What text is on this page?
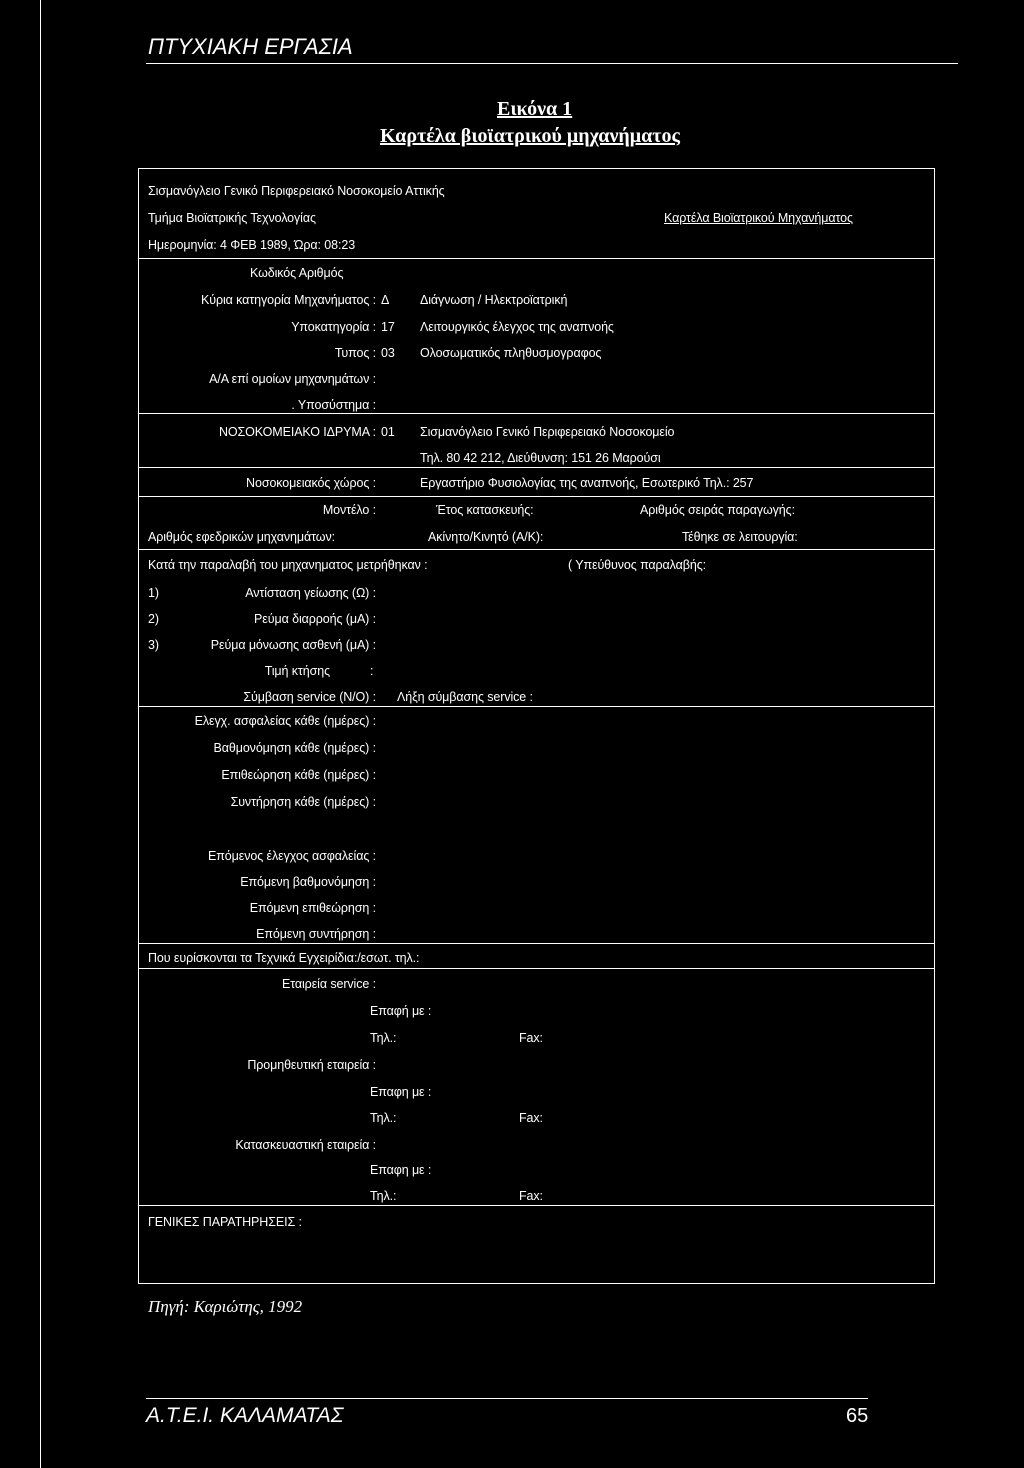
ΠΤΥΧΙΑΚΗ ΕΡΓΑΣΙΑ
Εικόνα 1
Καρτέλα βιοϊατρικού μηχανήματος
Σισμανόγλειο Γενικό Περιφερειακό Νοσοκομείο Αττικής
Τμήμα Βιοϊατρικής Τεχνολογίας
Ημερομηνία: 4 ΦΕΒ 1989, Ώρα: 08:23
Καρτέλα Βιοϊατρικού Μηχανήματος
Κωδικός Αριθμός
Κύρια κατηγορία Μηχανήματος : Δ Διάγνωση / Ηλεκτροϊατρική
Υποκατηγορία : 17 Λειτουργικός έλεγχος της αναπνοής
Τυπος : 03 Ολοσωματικός πληθυσμογραφος
Α/Α επί ομοίων μηχανημάτων :
. Υποσύστημα :
ΝΟΣΟΚΟΜΕΙΑΚΟ ΙΔΡΥΜΑ : 01 Σισμανόγλειο Γενικό Περιφερειακό Νοσοκομείο
Τηλ. 80 42 212, Διεύθυνση: 151 26 Μαρούσι
Νοσοκομειακός χώρος :	Εργαστήριο Φυσιολογίας της αναπνοής, Εσωτερικό Τηλ.: 257
Μοντέλο :	Έτος κατασκευής:	Αριθμός σειράς παραγωγής:
Αριθμός εφεδρικών μηχανημάτων:	Ακίνητο/Κινητό (Α/Κ):	Τέθηκε σε λειτουργία:
Κατά την παραλαβή του μηχανηματος μετρήθηκαν :	( Υπεύθυνος παραλαβής:
1)	Αντίσταση γείωσης (Ω) :
2)	Ρεύμα διαρροής (μΑ) :
3)	Ρεύμα μόνωσης ασθενή (μΑ) :
Τιμή κτήσης	:
Σύμβαση service (Ν/Ο) : Λήξη σύμβασης service :
Ελεγχ. ασφαλείας κάθε (ημέρες) :
Βαθμονόμηση κάθε (ημέρες) :
Επιθεώρηση κάθε (ημέρες) :
Συντήρηση κάθε (ημέρες) :
Επόμενος έλεγχος ασφαλείας :
Επόμενη βαθμονόμηση :
Επόμενη επιθεώρηση :
Επόμενη συντήρηση :
Που ευρίσκονται τα Τεχνικά Εγχειρίδια:/εσωτ. τηλ.:
Εταιρεία service :
Επαφή με :
Τηλ.:	Fax:
Προμηθευτική εταιρεία :
Επαφη με :
Τηλ.:	Fax:
Κατασκευαστική εταιρεία :
Επαφη με :
Τηλ.:	Fax:
ΓΕΝΙΚΕΣ ΠΑΡΑΤΗΡΗΣΕΙΣ :
Πηγή: Καριώτης, 1992
Α.Τ.Ε.Ι. ΚΑΛΑΜΑΤΑΣ	65
